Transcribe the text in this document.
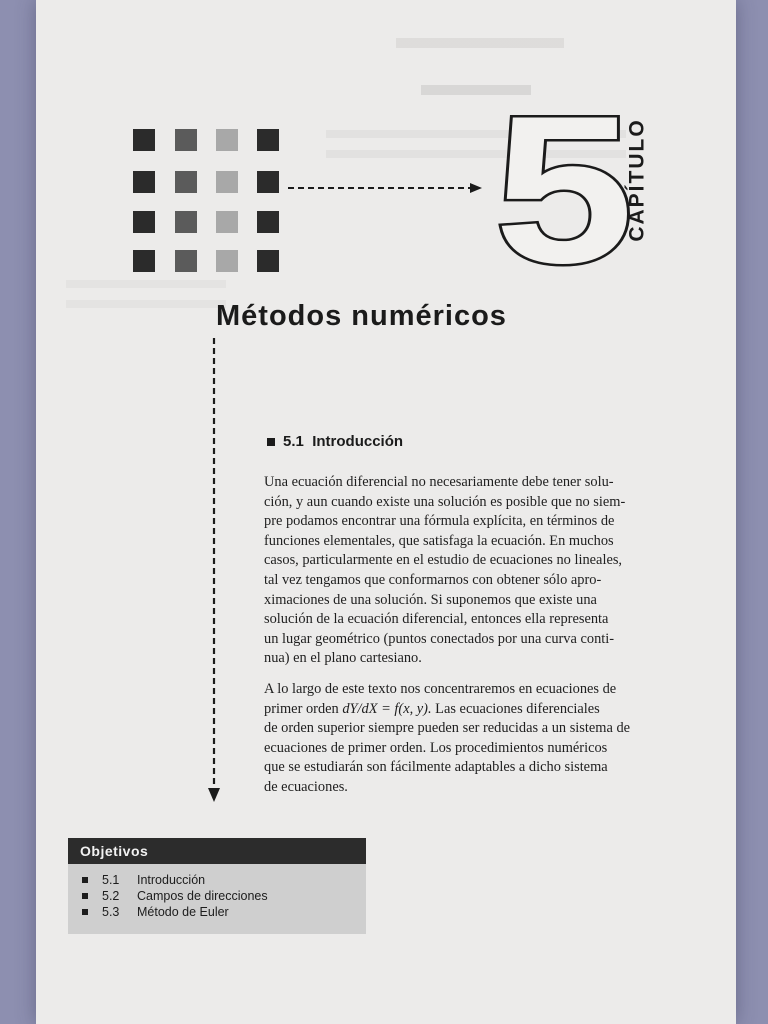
5
CAPÍTULO
Métodos numéricos
5.1 Introducción
Una ecuación diferencial no necesariamente debe tener solu-
ción, y aun cuando existe una solución es posible que no siem-
pre podamos encontrar una fórmula explícita, en términos de
funciones elementales, que satisfaga la ecuación. En muchos
casos, particularmente en el estudio de ecuaciones no lineales,
tal vez tengamos que conformarnos con obtener sólo apro-
ximaciones de una solución. Si suponemos que existe una
solución de la ecuación diferencial, entonces ella representa
un lugar geométrico (puntos conectados por una curva conti-
nua) en el plano cartesiano.
A lo largo de este texto nos concentraremos en ecuaciones de
primer orden dY/dX = f(x, y). Las ecuaciones diferenciales
de orden superior siempre pueden ser reducidas a un sistema de
ecuaciones de primer orden. Los procedimientos numéricos
que se estudiarán son fácilmente adaptables a dicho sistema
de ecuaciones.
Objetivos
5.1 Introducción
5.2 Campos de direcciones
5.3 Método de Euler
